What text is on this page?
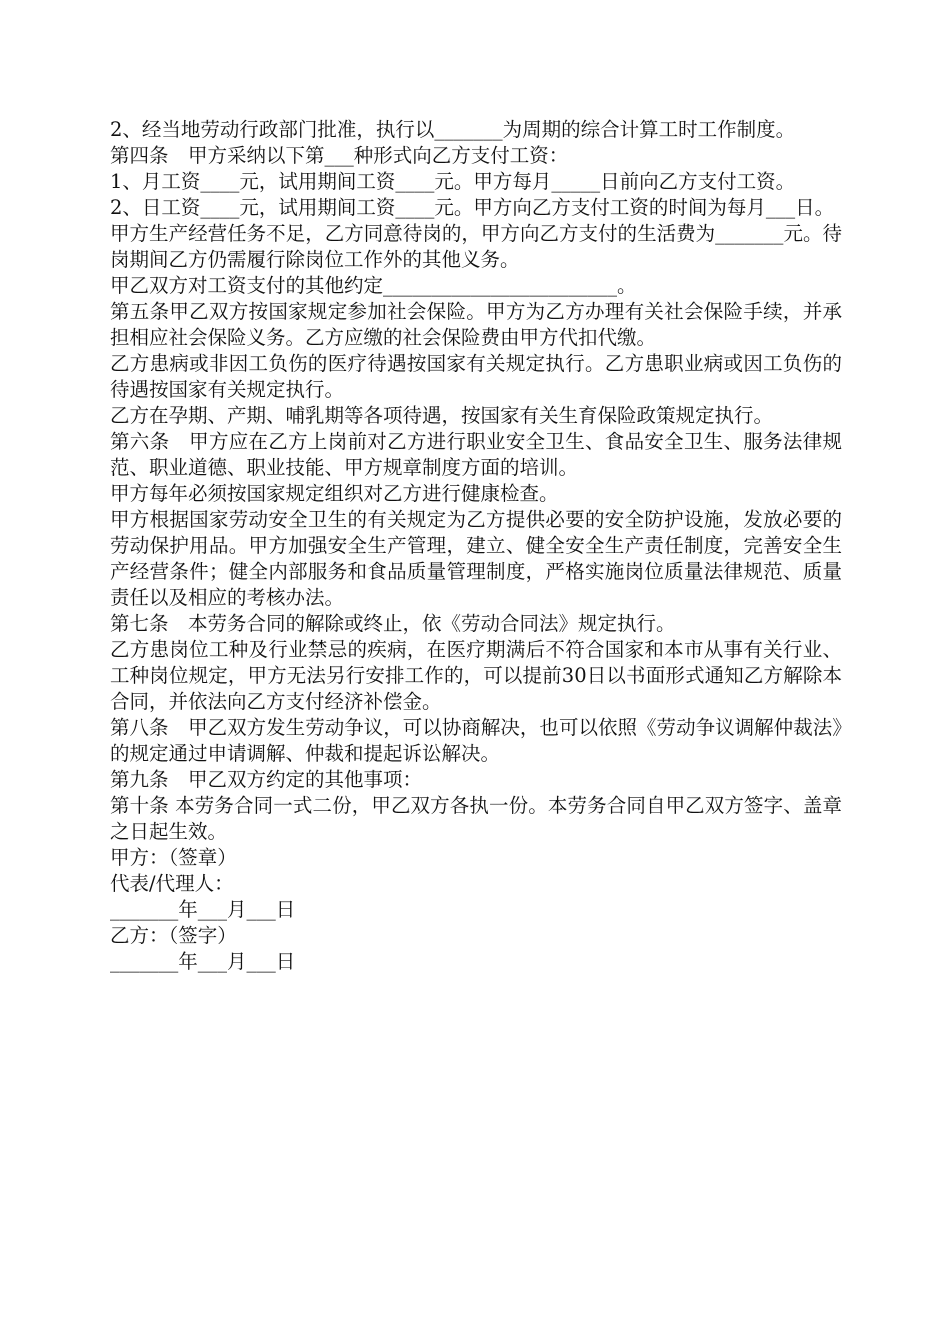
2、经当地劳动行政部门批准，执行以_______为周期的综合计算工时工作制度。

第四条　甲方采纳以下第___种形式向乙方支付工资：

1、月工资____元，试用期间工资____元。甲方每月_____日前向乙方支付工资。

2、日工资____元，试用期间工资____元。甲方向乙方支付工资的时间为每月___日。

甲方生产经营任务不足，乙方同意待岗的，甲方向乙方支付的生活费为_______元。待岗期间乙方仍需履行除岗位工作外的其他义务。

甲乙双方对工资支付的其他约定________________________。

第五条甲乙双方按国家规定参加社会保险。甲方为乙方办理有关社会保险手续，并承担相应社会保险义务。乙方应缴的社会保险费由甲方代扣代缴。

乙方患病或非因工负伤的医疗待遇按国家有关规定执行。乙方患职业病或因工负伤的待遇按国家有关规定执行。

乙方在孕期、产期、哺乳期等各项待遇，按国家有关生育保险政策规定执行。

第六条　甲方应在乙方上岗前对乙方进行职业安全卫生、食品安全卫生、服务法律规范、职业道德、职业技能、甲方规章制度方面的培训。

甲方每年必须按国家规定组织对乙方进行健康检查。

甲方根据国家劳动安全卫生的有关规定为乙方提供必要的安全防护设施，发放必要的劳动保护用品。甲方加强安全生产管理，建立、健全安全生产责任制度，完善安全生产经营条件；健全内部服务和食品质量管理制度，严格实施岗位质量法律规范、质量责任以及相应的考核办法。

第七条　本劳务合同的解除或终止，依《劳动合同法》规定执行。

乙方患岗位工种及行业禁忌的疾病，在医疗期满后不符合国家和本市从事有关行业、工种岗位规定，甲方无法另行安排工作的，可以提前30日以书面形式通知乙方解除本合同，并依法向乙方支付经济补偿金。

第八条　甲乙双方发生劳动争议，可以协商解决，也可以依照《劳动争议调解仲裁法》的规定通过申请调解、仲裁和提起诉讼解决。

第九条　甲乙双方约定的其他事项：

第十条 本劳务合同一式二份，甲乙双方各执一份。本劳务合同自甲乙双方签字、盖章之日起生效。

甲方：（签章）

代表/代理人：

_______年___月___日

乙方：（签字）

_______年___月___日
